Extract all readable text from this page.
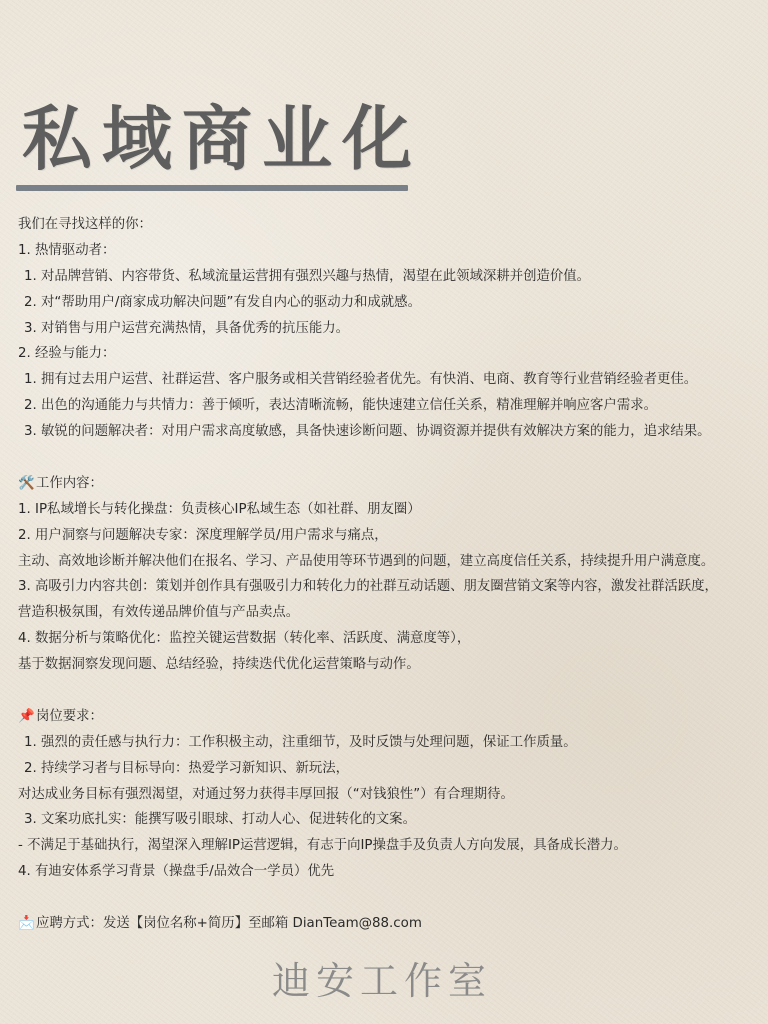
私域商业化
我们在寻找这样的你：
1. 热情驱动者：
1. 对品牌营销、内容带货、私域流量运营拥有强烈兴趣与热情，渴望在此领域深耕并创造价值。
2. 对“帮助用户/商家成功解决问题”有发自内心的驱动力和成就感。
3. 对销售与用户运营充满热情，具备优秀的抗压能力。
2. 经验与能力：
1. 拥有过去用户运营、社群运营、客户服务或相关营销经验者优先。有快消、电商、教育等行业营销经验者更佳。
2. 出色的沟通能力与共情力：善于倾听，表达清晰流畅，能快速建立信任关系，精准理解并响应客户需求。
3. 敏锐的问题解决者：对用户需求高度敏感，具备快速诊断问题、协调资源并提供有效解决方案的能力，追求结果。
🛠️工作内容：
1. IP私域增长与转化操盘：负责核心IP私域生态（如社群、朋友圈）
2. 用户洞察与问题解决专家：深度理解学员/用户需求与痛点，
主动、高效地诊断并解决他们在报名、学习、产品使用等环节遇到的问题，建立高度信任关系，持续提升用户满意度。
3. 高吸引力内容共创：策划并创作具有强吸引力和转化力的社群互动话题、朋友圈营销文案等内容，激发社群活跃度，
营造积极氛围，有效传递品牌价值与产品卖点。
4. 数据分析与策略优化：监控关键运营数据（转化率、活跃度、满意度等），
基于数据洞察发现问题、总结经验，持续迭代优化运营策略与动作。
📌岗位要求：
1. 强烈的责任感与执行力：工作积极主动，注重细节，及时反馈与处理问题，保证工作质量。
2. 持续学习者与目标导向：热爱学习新知识、新玩法，
对达成业务目标有强烈渴望，对通过努力获得丰厚回报（“对钱狼性”）有合理期待。
3. 文案功底扎实：能撰写吸引眼球、打动人心、促进转化的文案。
- 不满足于基础执行，渴望深入理解IP运营逻辑，有志于向IP操盘手及负责人方向发展，具备成长潜力。
4. 有迪安体系学习背景（操盘手/品效合一学员）优先
📩应聘方式：发送【岗位名称+简历】至邮箱 DianTeam@88.com
迪安工作室
